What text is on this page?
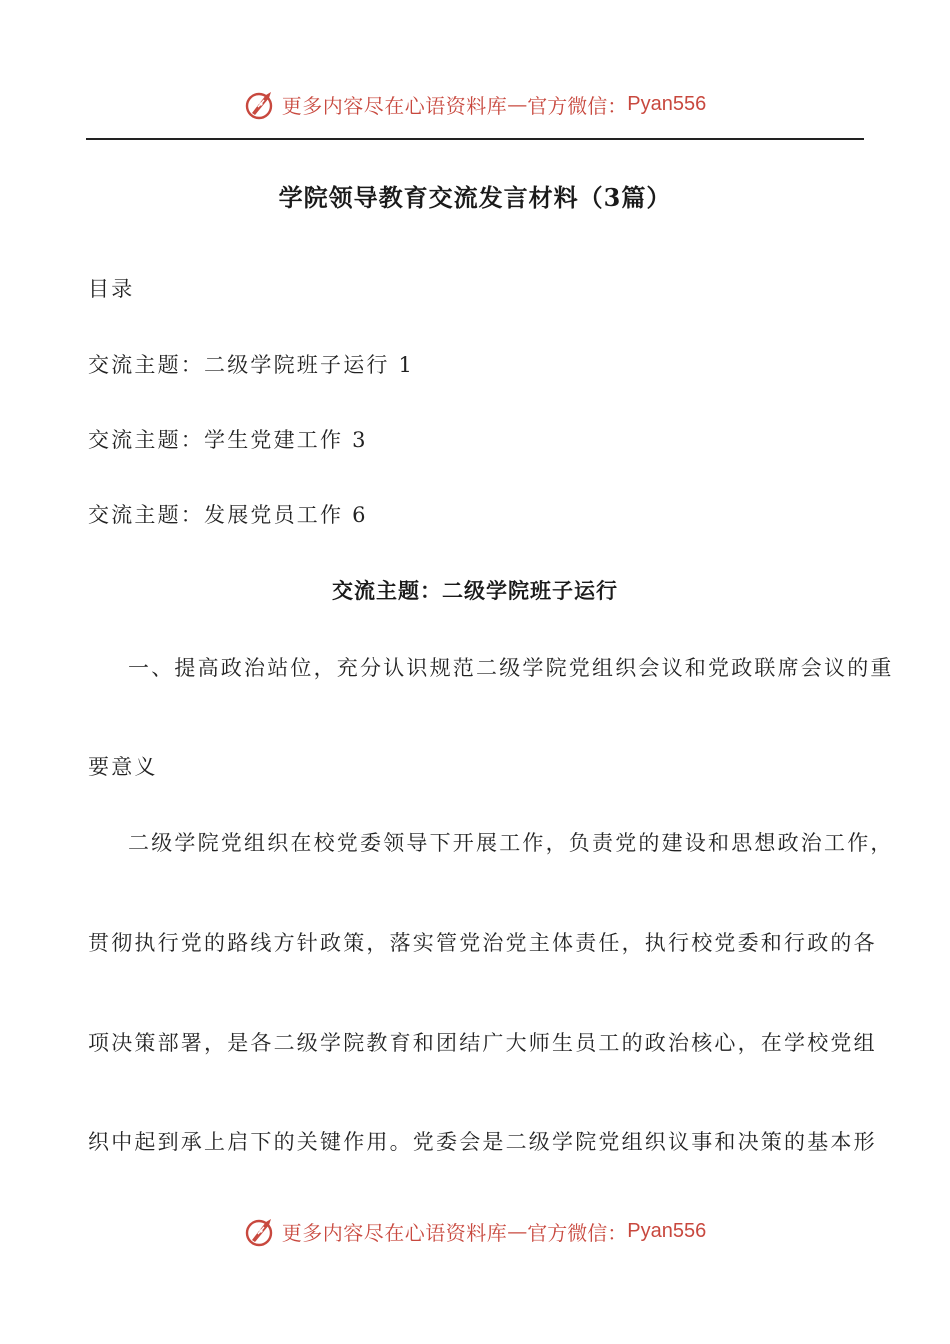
更多内容尽在心语资料库 — 官方微信： Pyan556
学院领导教育交流发言材料（3篇）
目录
交流主题：二级学院班子运行 1
交流主题：学生党建工作 3
交流主题：发展党员工作 6
交流主题：二级学院班子运行
一、提高政治站位，充分认识规范二级学院党组织会议和党政联席会议的重
要意义
二级学院党组织在校党委领导下开展工作，负责党的建设和思想政治工作，
贯彻执行党的路线方针政策，落实管党治党主体责任，执行校党委和行政的各
项决策部署，是各二级学院教育和团结广大师生员工的政治核心，在学校党组
织中起到承上启下的关键作用。党委会是二级学院党组织议事和决策的基本形
更多内容尽在心语资料库 — 官方微信： Pyan556
